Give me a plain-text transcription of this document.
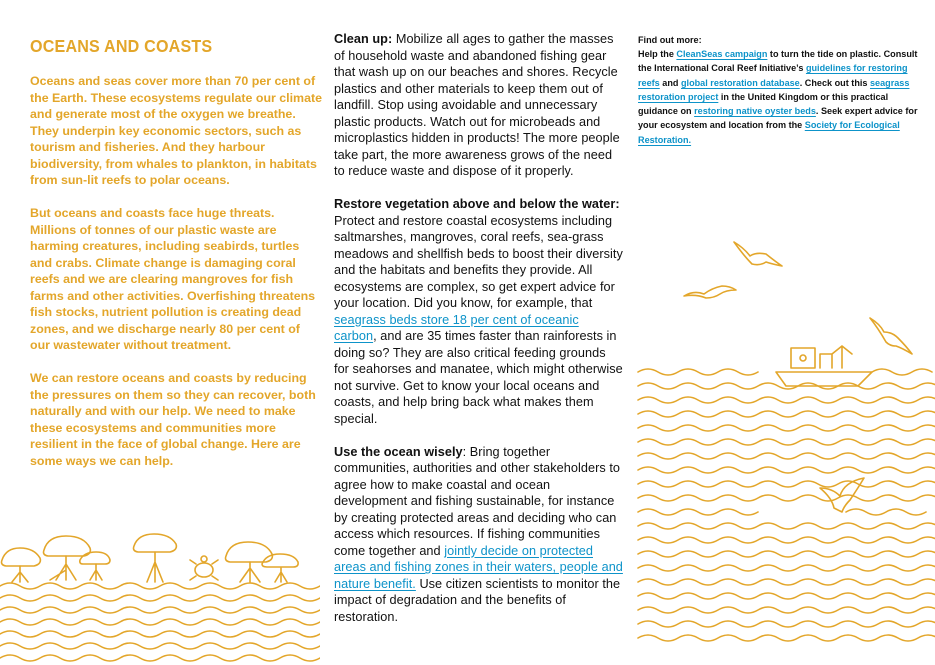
OCEANS AND COASTS

Oceans and seas cover more than 70 per cent of the Earth. These ecosystems regulate our climate and generate most of the oxygen we breathe. They underpin key economic sectors, such as tourism and fisheries. And they harbour biodiversity, from whales to plankton, in habitats from sun-lit reefs to polar oceans.

But oceans and coasts face huge threats. Millions of tonnes of our plastic waste are harming creatures, including seabirds, turtles and crabs. Climate change is damaging coral reefs and we are clearing mangroves for fish farms and other activities. Overfishing threatens fish stocks, nutrient pollution is creating dead zones, and we discharge nearly 80 per cent of our wastewater without treatment.

We can restore oceans and coasts by reducing the pressures on them so they can recover, both naturally and with our help. We need to make these ecosystems and communities more resilient in the face of global change. Here are some ways we can help.

Clean up: Mobilize all ages to gather the masses of household waste and abandoned fishing gear that wash up on our beaches and shores. Recycle plastics and other materials to keep them out of landfill. Stop using avoidable and unnecessary plastic products. Watch out for microbeads and microplastics hidden in products! The more people take part, the more awareness grows of the need to reduce waste and dispose of it properly.

Restore vegetation above and below the water: Protect and restore coastal ecosystems including saltmarshes, mangroves, coral reefs, sea-grass meadows and shellfish beds to boost their diversity and the habitats and benefits they provide. All ecosystems are complex, so get expert advice for your location. Did you know, for example, that seagrass beds store 18 per cent of oceanic carbon, and are 35 times faster than rainforests in doing so? They are also critical feeding grounds for seahorses and manatee, which might otherwise not survive. Get to know your local oceans and coasts, and help bring back what makes them special.

Use the ocean wisely: Bring together communities, authorities and other stakeholders to agree how to make coastal and ocean development and fishing sustainable, for instance by creating protected areas and deciding who can access which resources. If fishing communities come together and jointly decide on protected areas and fishing zones in their waters, people and nature benefit. Use citizen scientists to monitor the impact of degradation and the benefits of restoration.

Find out more:

Help the CleanSeas campaign to turn the tide on plastic. Consult the International Coral Reef Initiative’s guidelines for restoring reefs and global restoration database. Check out this seagrass restoration project in the United Kingdom or this practical guidance on restoring native oyster beds. Seek expert advice for your ecosystem and location from the Society for Ecological Restoration.
